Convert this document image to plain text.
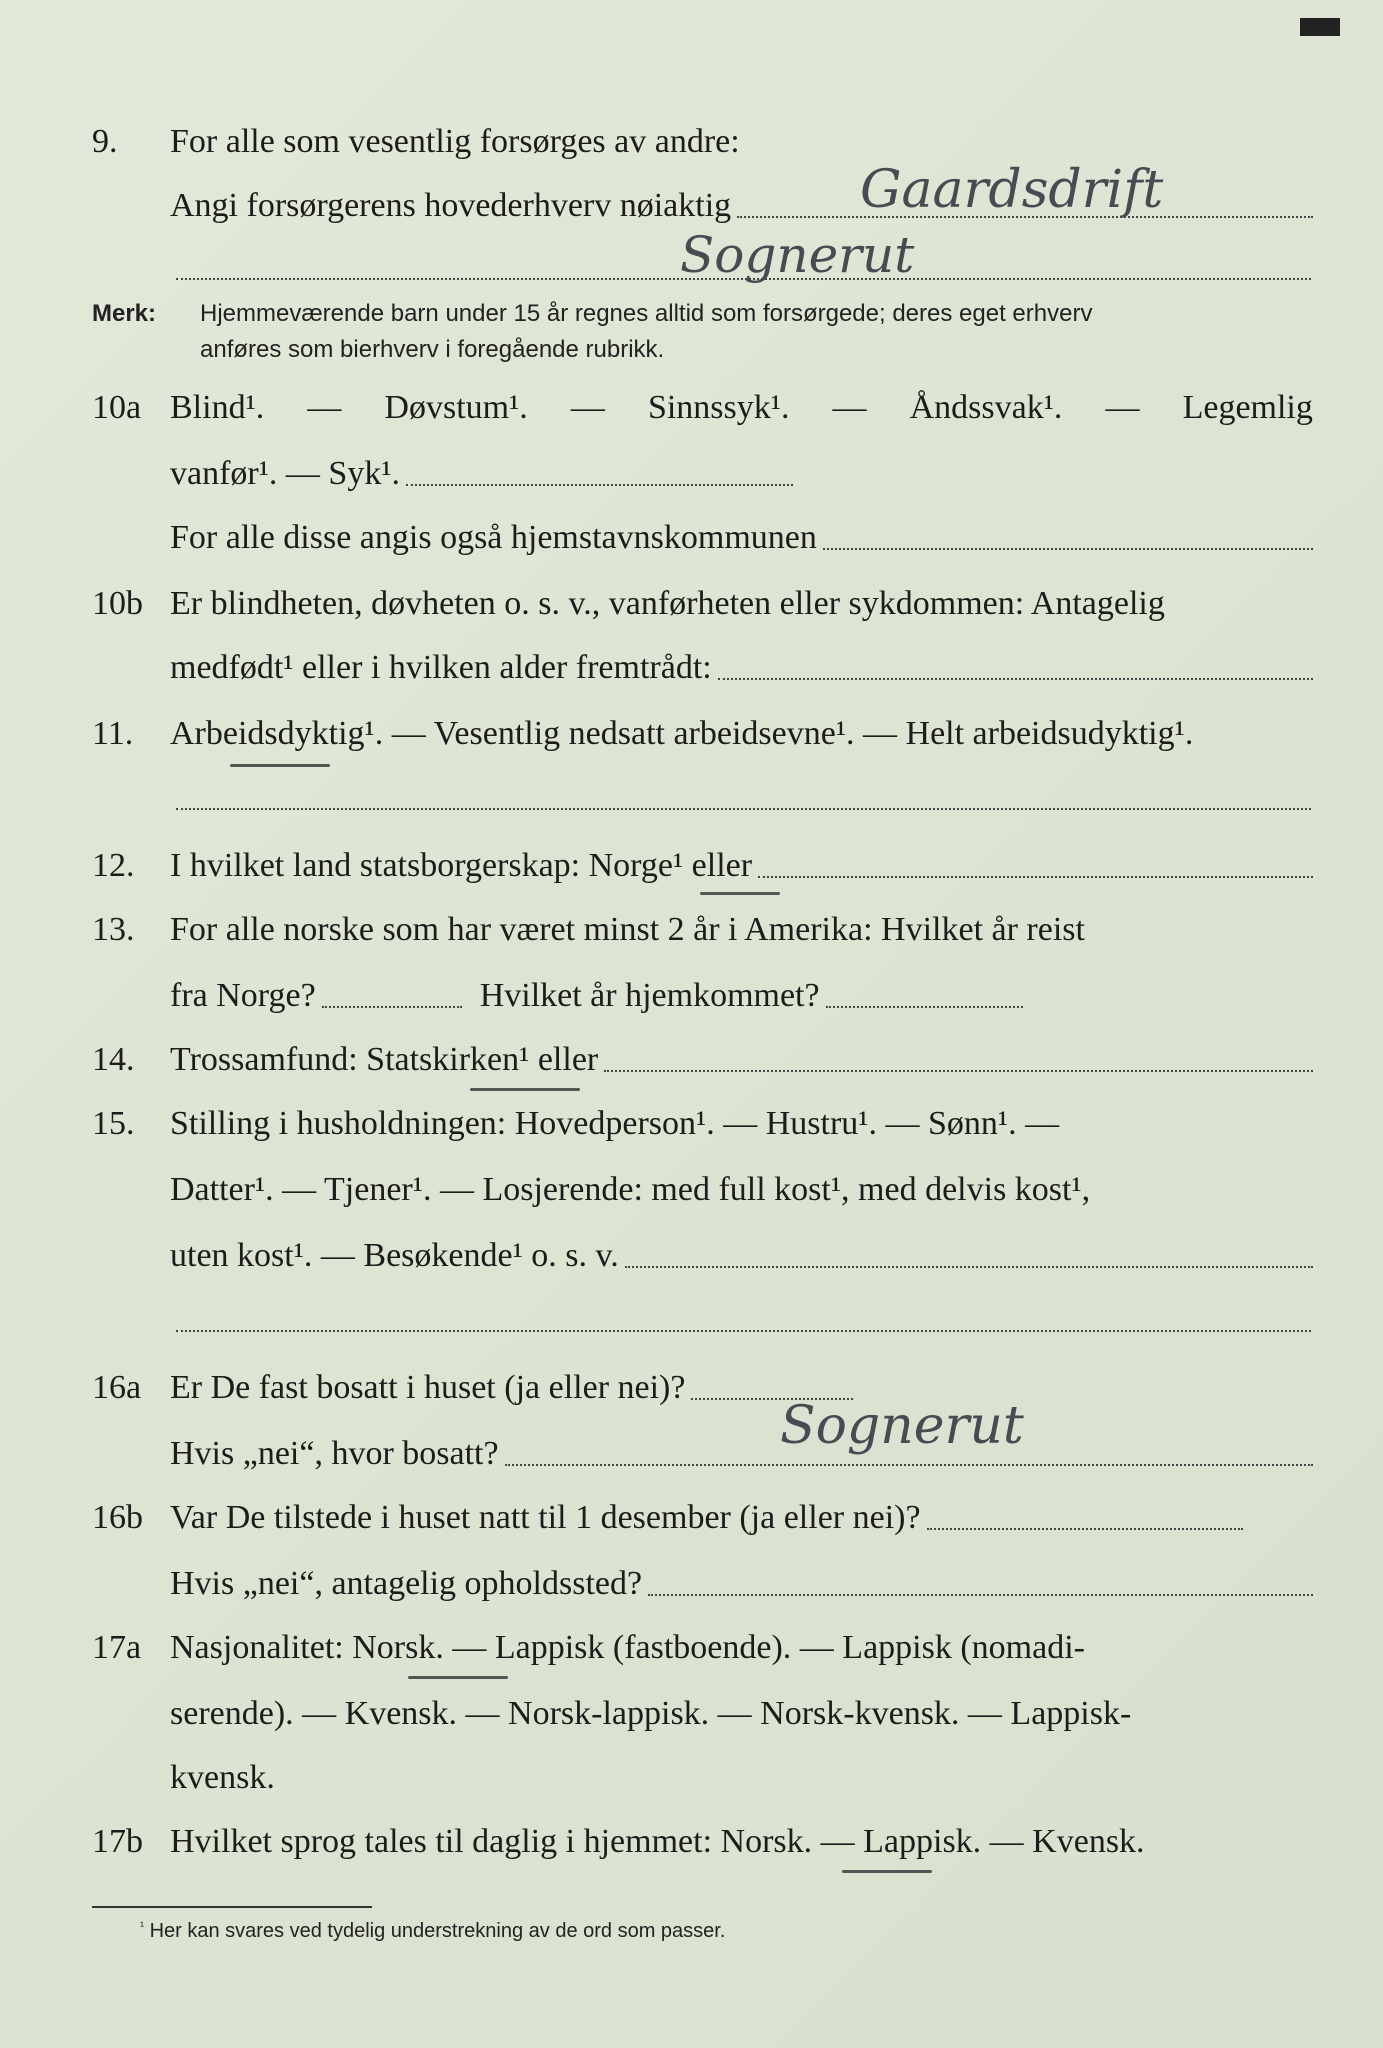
9.	For alle som vesentlig forsørges av andre:
Angi forsørgerens hovederhverv nøiaktig Gaardsdrift
Sognerut
Merk: Hjemmeværende barn under 15 år regnes alltid som forsørgede; deres eget erhverv
anføres som bierhverv i foregående rubrikk.
10a Blind¹. — Døvstum¹. — Sinnssyk¹. — Åndssvak¹. — Legemlig
vanfør¹. — Syk¹.
For alle disse angis også hjemstavnskommunen
10b Er blindheten, døvheten o. s. v., vanførheten eller sykdommen: Antagelig
medfødt¹ eller i hvilken alder fremtrådt:
11.	Arbeidsdyktig¹. — Vesentlig nedsatt arbeidsevne¹. — Helt arbeidsudyktig¹.
12.	I hvilket land statsborgerskap: Norge¹ eller
13.	For alle norske som har været minst 2 år i Amerika: Hvilket år reist
fra Norge?	Hvilket år hjemkommet?
14.	Trossamfund: Statskirken¹ eller
15.	Stilling i husholdningen: Hovedperson¹. — Hustru¹. — Sønn¹. —
Datter¹. — Tjener¹. — Losjerende: med full kost¹, med delvis kost¹,
uten kost¹. — Besøkende¹ o. s. v.
16a Er De fast bosatt i huset (ja eller nei)?
Hvis „nei“, hvor bosatt?	Sognerut
16b Var De tilstede i huset natt til 1 desember (ja eller nei)?
Hvis „nei“, antagelig opholdssted?
17a Nasjonalitet: Norsk. — Lappisk (fastboende). — Lappisk (nomadi-
serende). — Kvensk. — Norsk-lappisk. — Norsk-kvensk. — Lappisk-
kvensk.
17b Hvilket sprog tales til daglig i hjemmet: Norsk. — Lappisk. — Kvensk.
$^{^1}$ Her kan svares ved tydelig understrekning av de ord som passer.
